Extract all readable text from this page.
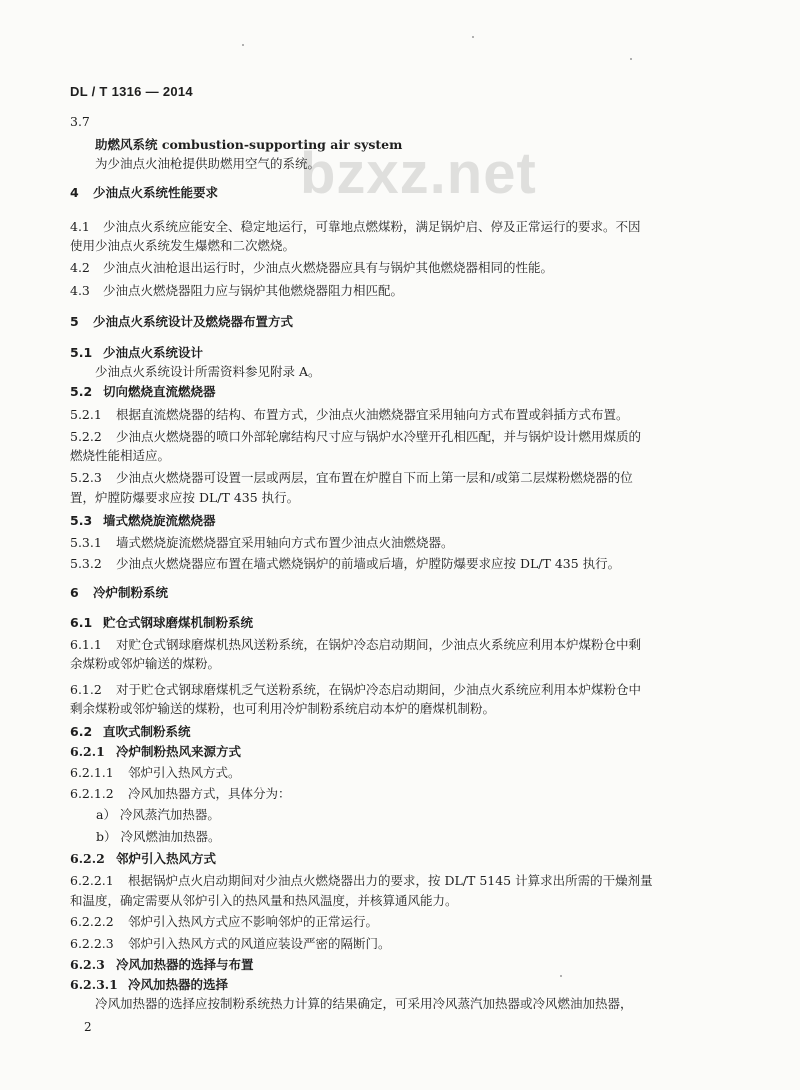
DL / T 1316 — 2014
bzxz.net
3.7
助燃风系统 combustion-supporting air system
为少油点火油枪提供助燃用空气的系统。
4 少油点火系统性能要求
4.1 少油点火系统应能安全、稳定地运行，可靠地点燃煤粉，满足锅炉启、停及正常运行的要求。不因
使用少油点火系统发生爆燃和二次燃烧。
4.2 少油点火油枪退出运行时，少油点火燃烧器应具有与锅炉其他燃烧器相同的性能。
4.3 少油点火燃烧器阻力应与锅炉其他燃烧器阻力相匹配。
5 少油点火系统设计及燃烧器布置方式
5.1 少油点火系统设计
少油点火系统设计所需资料参见附录 A。
5.2 切向燃烧直流燃烧器
5.2.1 根据直流燃烧器的结构、布置方式，少油点火油燃烧器宜采用轴向方式布置或斜插方式布置。
5.2.2 少油点火燃烧器的喷口外部轮廓结构尺寸应与锅炉水冷壁开孔相匹配，并与锅炉设计燃用煤质的
燃烧性能相适应。
5.2.3 少油点火燃烧器可设置一层或两层，宜布置在炉膛自下而上第一层和/或第二层煤粉燃烧器的位
置，炉膛防爆要求应按 DL/T 435 执行。
5.3 墙式燃烧旋流燃烧器
5.3.1 墙式燃烧旋流燃烧器宜采用轴向方式布置少油点火油燃烧器。
5.3.2 少油点火燃烧器应布置在墙式燃烧锅炉的前墙或后墙，炉膛防爆要求应按 DL/T 435 执行。
6 冷炉制粉系统
6.1 贮仓式钢球磨煤机制粉系统
6.1.1 对贮仓式钢球磨煤机热风送粉系统，在锅炉冷态启动期间，少油点火系统应利用本炉煤粉仓中剩
余煤粉或邻炉输送的煤粉。
6.1.2 对于贮仓式钢球磨煤机乏气送粉系统，在锅炉冷态启动期间，少油点火系统应利用本炉煤粉仓中
剩余煤粉或邻炉输送的煤粉，也可利用冷炉制粉系统启动本炉的磨煤机制粉。
6.2 直吹式制粉系统
6.2.1 冷炉制粉热风来源方式
6.2.1.1 邻炉引入热风方式。
6.2.1.2 冷风加热器方式，具体分为：
a） 冷风蒸汽加热器。
b） 冷风燃油加热器。
6.2.2 邻炉引入热风方式
6.2.2.1 根据锅炉点火启动期间对少油点火燃烧器出力的要求，按 DL/T 5145 计算求出所需的干燥剂量
和温度，确定需要从邻炉引入的热风量和热风温度，并核算通风能力。
6.2.2.2 邻炉引入热风方式应不影响邻炉的正常运行。
6.2.2.3 邻炉引入热风方式的风道应装设严密的隔断门。
6.2.3 冷风加热器的选择与布置
6.2.3.1 冷风加热器的选择
冷风加热器的选择应按制粉系统热力计算的结果确定，可采用冷风蒸汽加热器或冷风燃油加热器，
2
